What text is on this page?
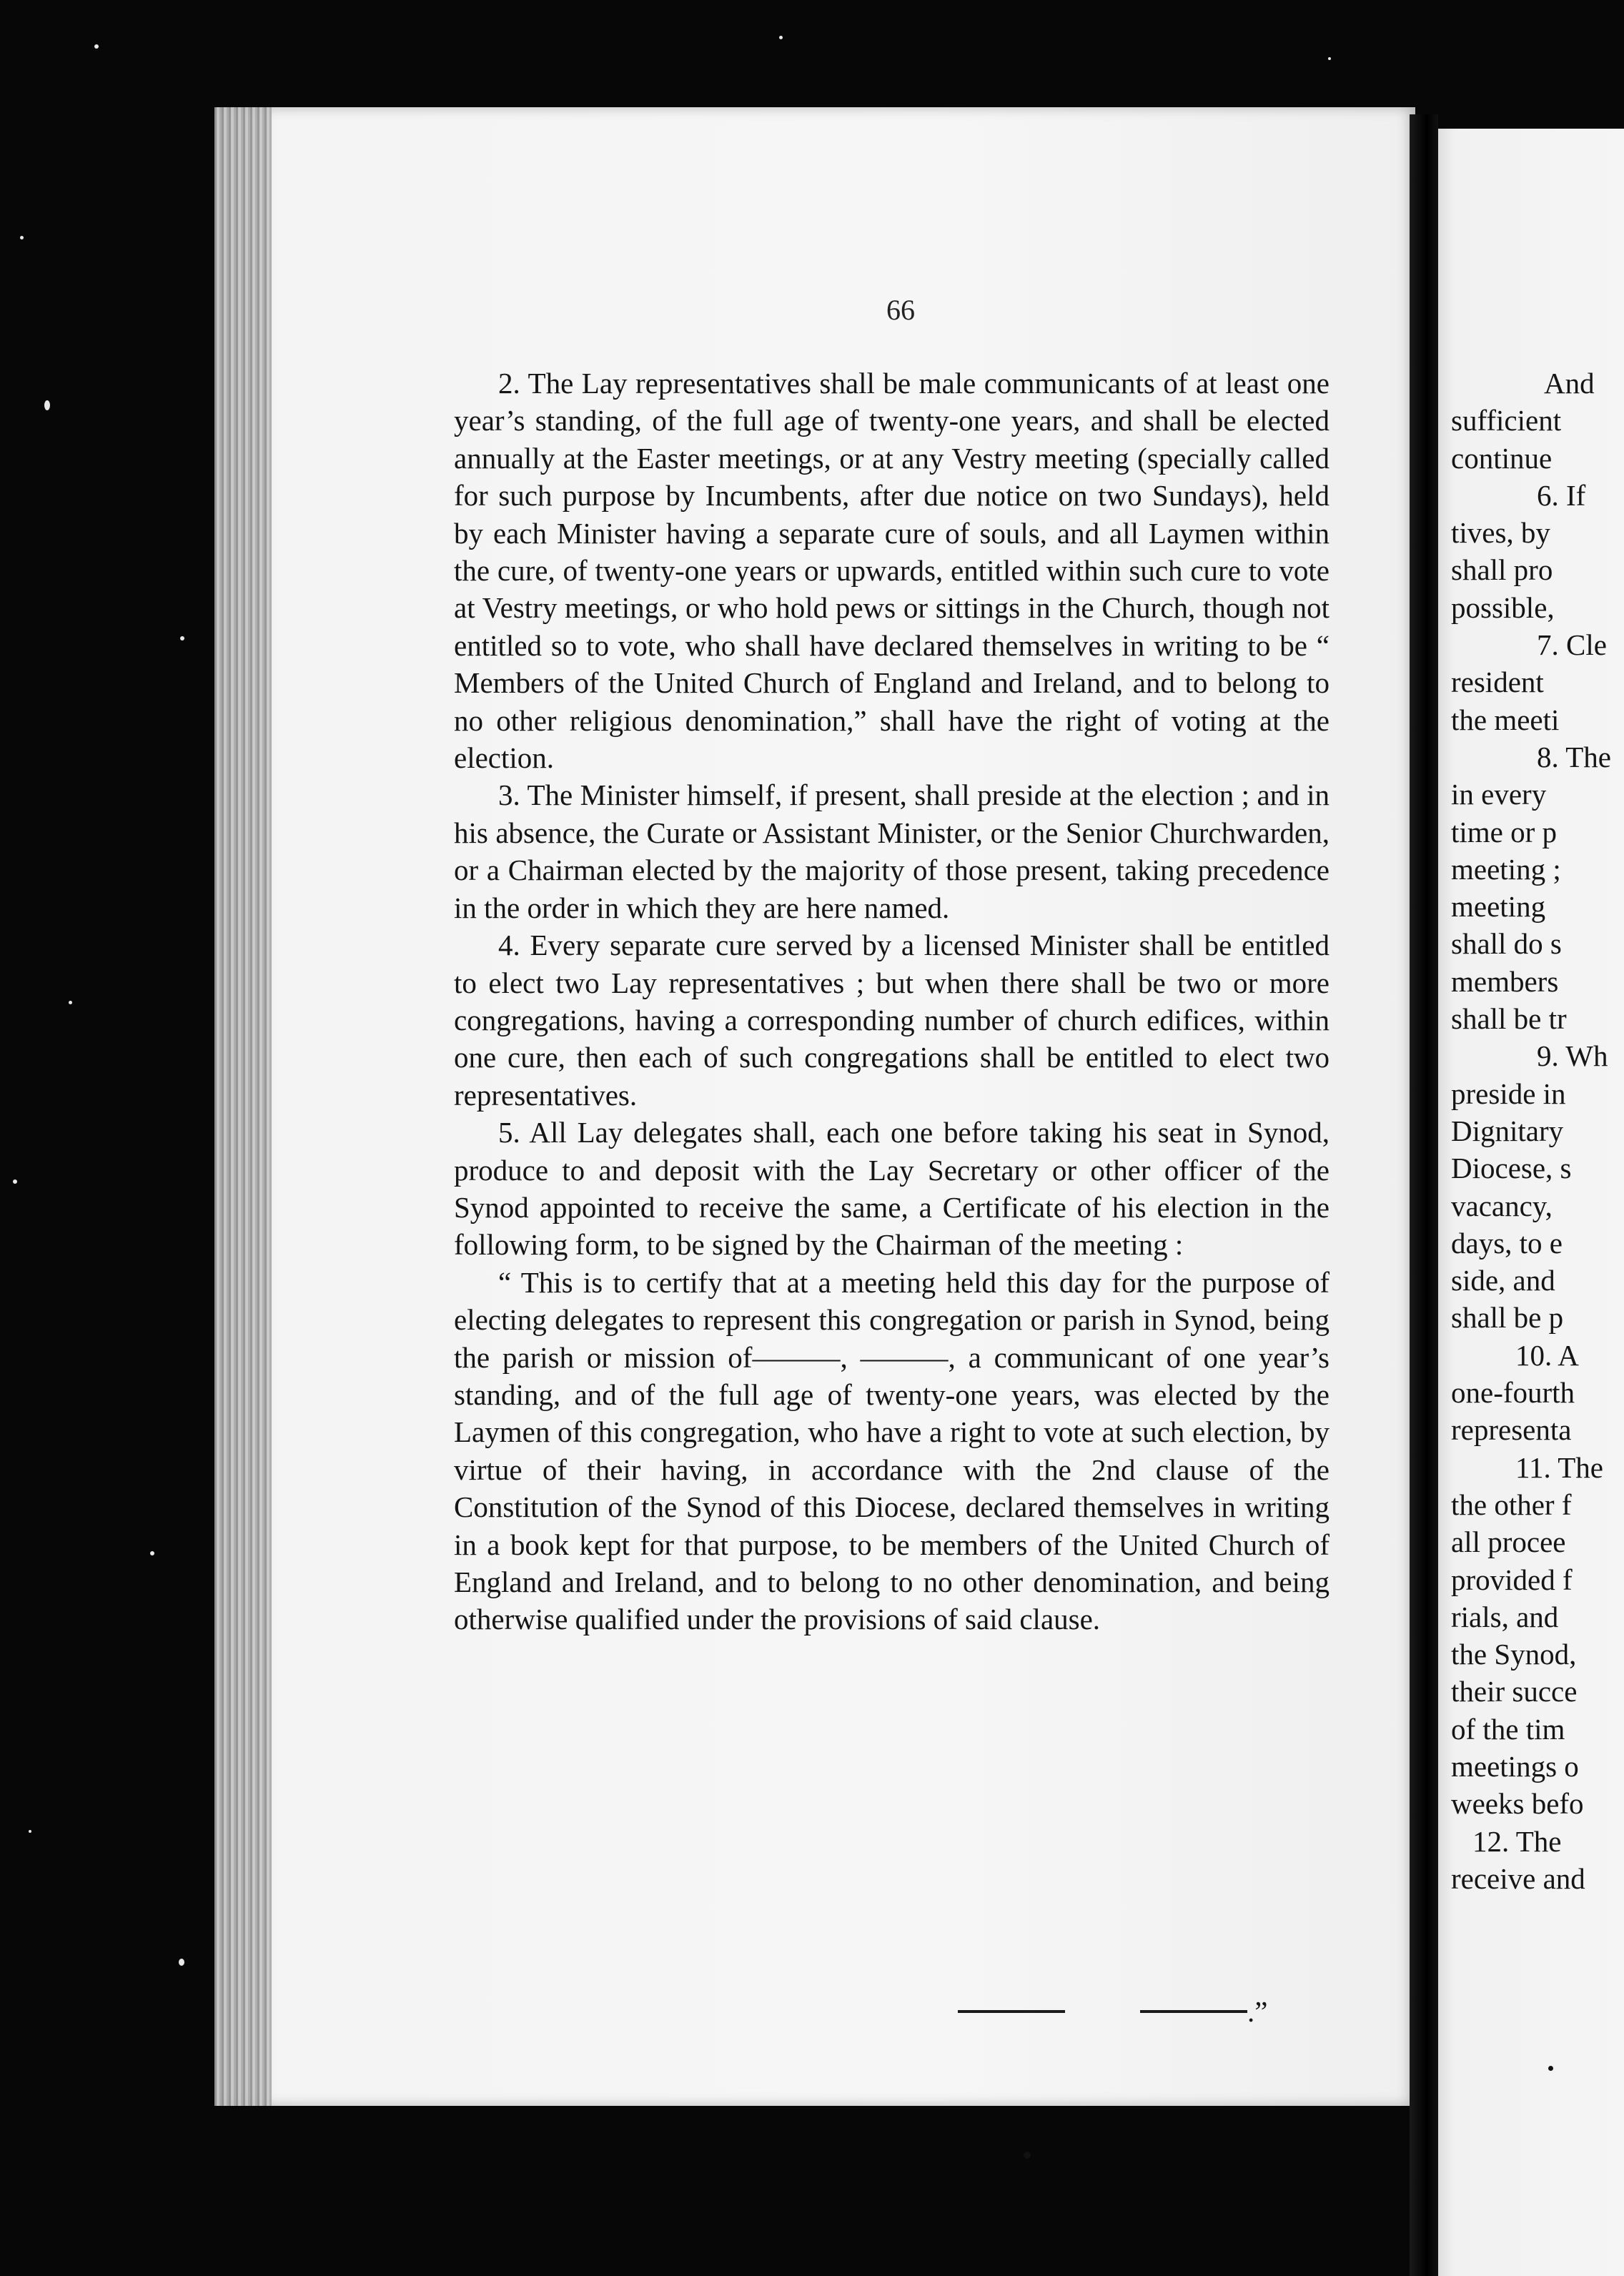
66

2. The Lay representatives shall be male communicants of at least one year’s standing, of the full age of twenty-one years, and shall be elected annually at the Easter meetings, or at any Vestry meeting (specially called for such purpose by Incumbents, after due notice on two Sundays), held by each Minister having a separate cure of souls, and all Laymen within the cure, of twenty-one years or upwards, entitled within such cure to vote at Vestry meetings, or who hold pews or sittings in the Church, though not entitled so to vote, who shall have declared themselves in writing to be “ Members of the United Church of England and Ireland, and to belong to no other religious denomination,” shall have the right of voting at the election.

3. The Minister himself, if present, shall preside at the election ; and in his absence, the Curate or Assistant Minister, or the Senior Churchwarden, or a Chairman elected by the majority of those present, taking precedence in the order in which they are here named.

4. Every separate cure served by a licensed Minister shall be entitled to elect two Lay representatives ; but when there shall be two or more congregations, having a corresponding number of church edifices, within one cure, then each of such congregations shall be entitled to elect two representatives.

5. All Lay delegates shall, each one before taking his seat in Synod, produce to and deposit with the Lay Secretary or other officer of the Synod appointed to receive the same, a Certificate of his election in the following form, to be signed by the Chairman of the meeting :

“ This is to certify that at a meeting held this day for the purpose of electing delegates to represent this congregation or parish in Synod, being the parish or mission of———, ———, a communicant of one year’s standing, and of the full age of twenty-one years, was elected by the Laymen of this congregation, who have a right to vote at such election, by virtue of their having, in accordance with the 2nd clause of the Constitution of the Synod of this Diocese, declared themselves in writing in a book kept for that purpose, to be members of the United Church of England and Ireland, and to belong to no other denomination, and being otherwise qualified under the provisions of said clause.

.”
And
sufficient
continue
6. If
tives, by
shall pro
possible,
7. Cle
resident
the meeti
8. The
in every
time or p
meeting ;
meeting
shall do s
members
shall be tr
9. Wh
preside in
Dignitary
Diocese, s
vacancy,
days, to e
side, and
shall be p
10. A
one-fourth
representa
11. The
the other f
all procee
provided f
rials, and
the Synod,
their succe
of the tim
meetings o
weeks befo
12. The
receive and
